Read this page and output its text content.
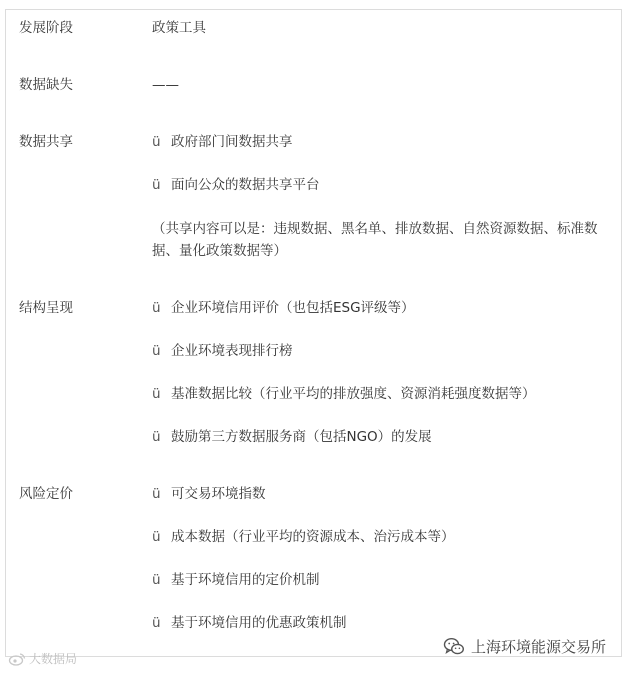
发展阶段	政策工具
数据缺失	——
数据共享	ü 政府部门间数据共享
ü 面向公众的数据共享平台
（共享内容可以是：违规数据、黑名单、排放数据、自然资源数据、标准数据、量化政策数据等）
结构呈现	ü 企业环境信用评价（也包括ESG评级等）
ü 企业环境表现排行榜
ü 基准数据比较（行业平均的排放强度、资源消耗强度数据等）
ü 鼓励第三方数据服务商（包括NGO）的发展
风险定价	ü 可交易环境指数
ü 成本数据（行业平均的资源成本、治污成本等）
ü 基于环境信用的定价机制
ü 基于环境信用的优惠政策机制
大数据局
上海环境能源交易所
